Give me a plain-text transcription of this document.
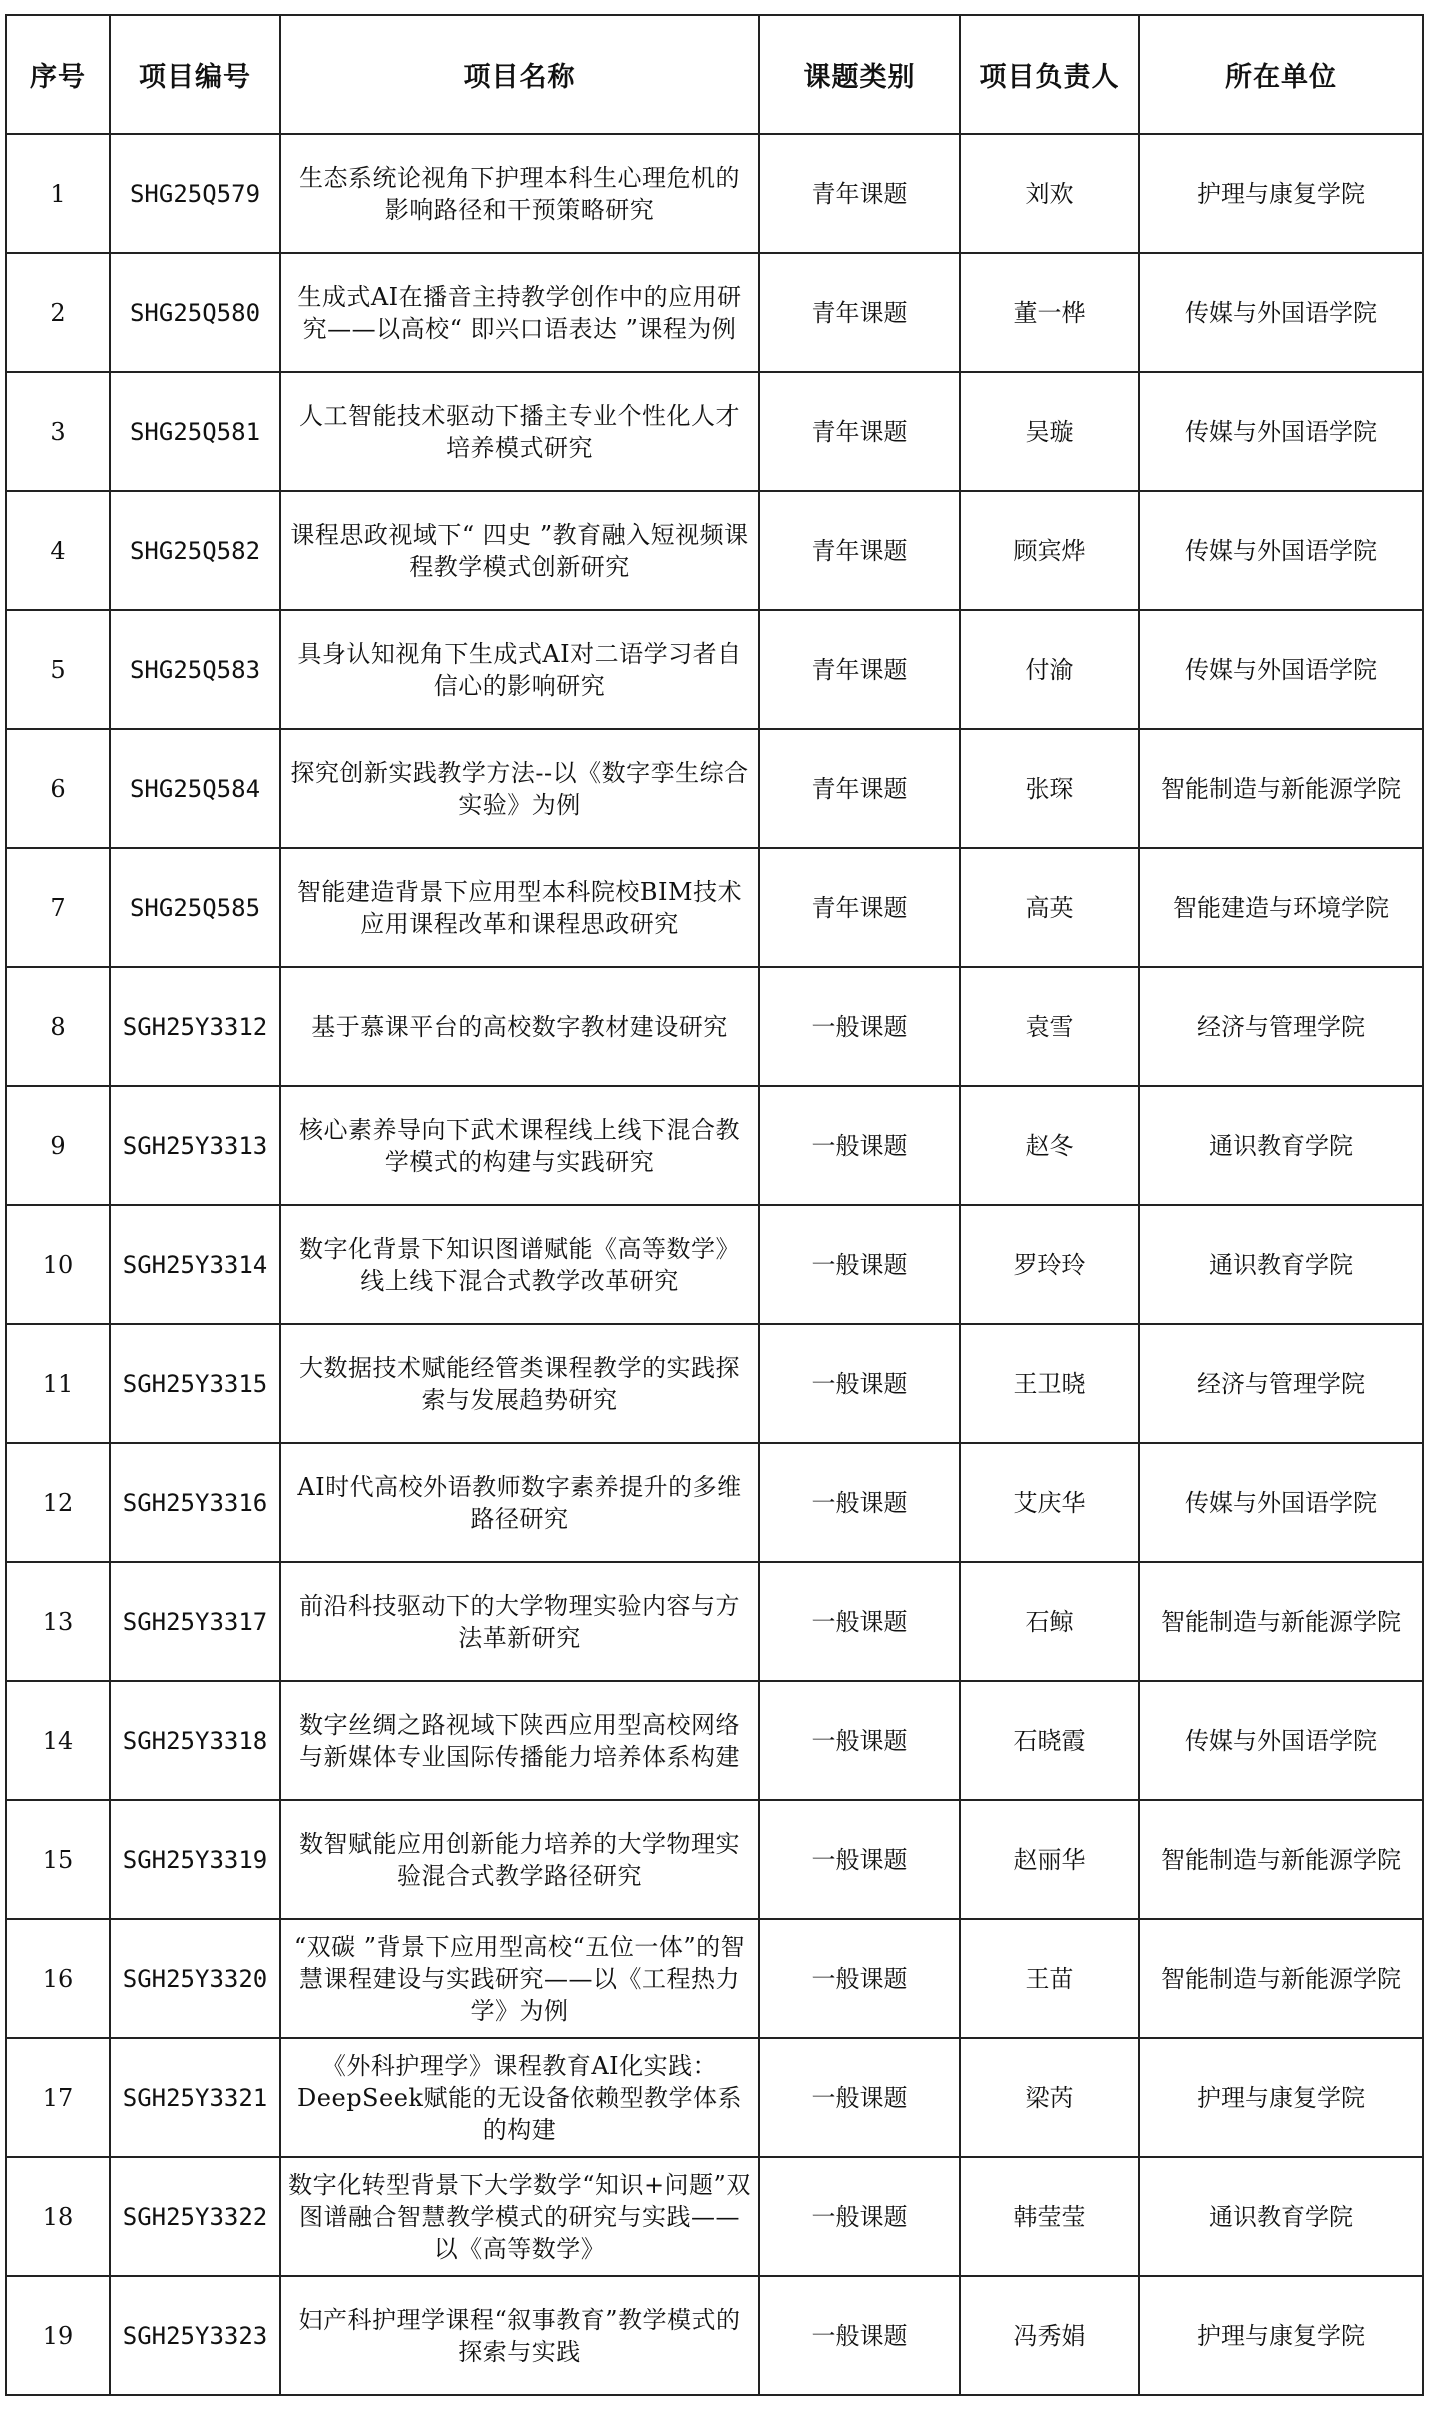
序号	项目编号	项目名称	课题类别	项目负责人	所在单位
1	SHG25Q579	生态系统论视角下护理本科生心理危机的影响路径和干预策略研究	青年课题	刘欢	护理与康复学院
2	SHG25Q580	生成式AI在播音主持教学创作中的应用研究——以高校“ 即兴口语表达 ”课程为例	青年课题	董一桦	传媒与外国语学院
3	SHG25Q581	人工智能技术驱动下播主专业个性化人才培养模式研究	青年课题	吴璇	传媒与外国语学院
4	SHG25Q582	课程思政视域下“ 四史 ”教育融入短视频课程教学模式创新研究	青年课题	顾宾烨	传媒与外国语学院
5	SHG25Q583	具身认知视角下生成式AI对二语学习者自信心的影响研究	青年课题	付渝	传媒与外国语学院
6	SHG25Q584	探究创新实践教学方法--以《数字孪生综合实验》为例	青年课题	张琛	智能制造与新能源学院
7	SHG25Q585	智能建造背景下应用型本科院校BIM技术应用课程改革和课程思政研究	青年课题	高英	智能建造与环境学院
8	SGH25Y3312	基于慕课平台的高校数字教材建设研究	一般课题	袁雪	经济与管理学院
9	SGH25Y3313	核心素养导向下武术课程线上线下混合教学模式的构建与实践研究	一般课题	赵冬	通识教育学院
10	SGH25Y3314	数字化背景下知识图谱赋能《高等数学》线上线下混合式教学改革研究	一般课题	罗玲玲	通识教育学院
11	SGH25Y3315	大数据技术赋能经管类课程教学的实践探索与发展趋势研究	一般课题	王卫晓	经济与管理学院
12	SGH25Y3316	AI时代高校外语教师数字素养提升的多维路径研究	一般课题	艾庆华	传媒与外国语学院
13	SGH25Y3317	前沿科技驱动下的大学物理实验内容与方法革新研究	一般课题	石鲸	智能制造与新能源学院
14	SGH25Y3318	数字丝绸之路视域下陕西应用型高校网络与新媒体专业国际传播能力培养体系构建	一般课题	石晓霞	传媒与外国语学院
15	SGH25Y3319	数智赋能应用创新能力培养的大学物理实验混合式教学路径研究	一般课题	赵丽华	智能制造与新能源学院
16	SGH25Y3320	“双碳 ”背景下应用型高校“五位一体”的智慧课程建设与实践研究——以《工程热力学》为例	一般课题	王苗	智能制造与新能源学院
17	SGH25Y3321	《外科护理学》课程教育AI化实践：DeepSeek赋能的无设备依赖型教学体系的构建	一般课题	梁芮	护理与康复学院
18	SGH25Y3322	数字化转型背景下大学数学“知识+问题”双图谱融合智慧教学模式的研究与实践——以《高等数学》	一般课题	韩莹莹	通识教育学院
19	SGH25Y3323	妇产科护理学课程“叙事教育”教学模式的探索与实践	一般课题	冯秀娟	护理与康复学院
